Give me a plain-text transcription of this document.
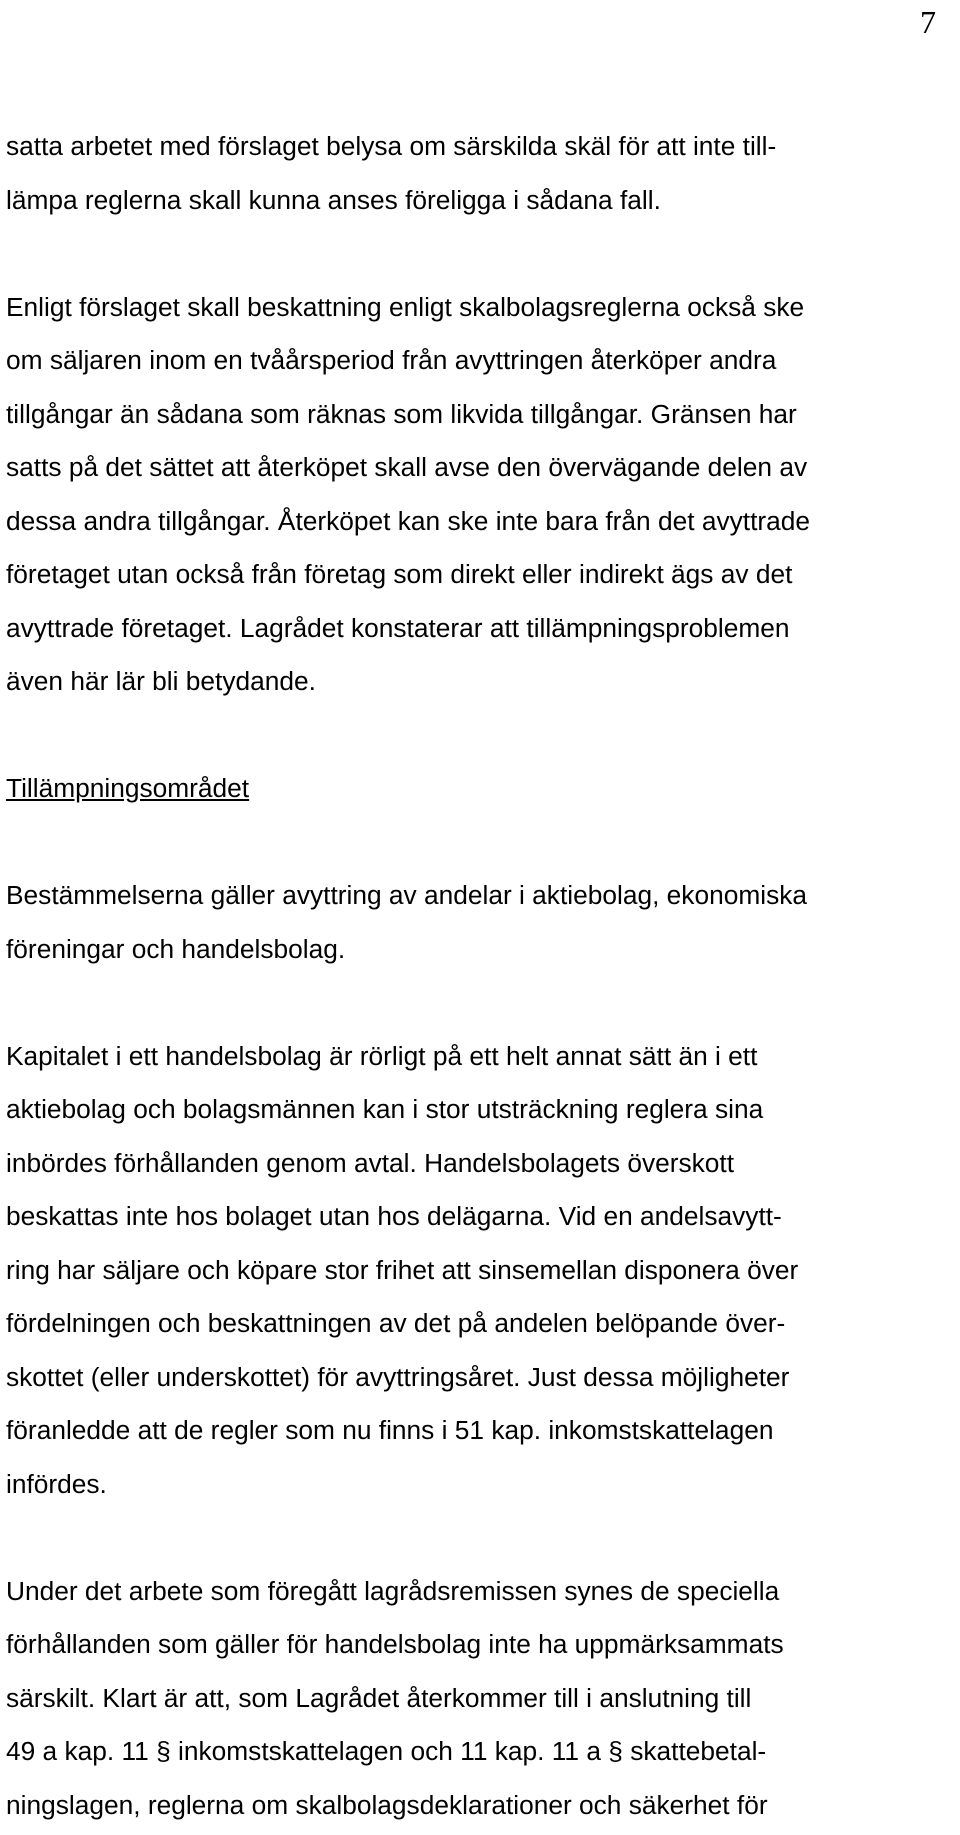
7
satta arbetet med förslaget belysa om särskilda skäl för att inte till-
lämpa reglerna skall kunna anses föreligga i sådana fall.
Enligt förslaget skall beskattning enligt skalbolagsreglerna också ske
om säljaren inom en tvåårsperiod från avyttringen återköper andra
tillgångar än sådana som räknas som likvida tillgångar. Gränsen har
satts på det sättet att återköpet skall avse den övervägande delen av
dessa andra tillgångar. Återköpet kan ske inte bara från det avyttrade
företaget utan också från företag som direkt eller indirekt ägs av det
avyttrade företaget. Lagrådet konstaterar att tillämpningsproblemen
även här lär bli betydande.
Tillämpningsområdet
Bestämmelserna gäller avyttring av andelar i aktiebolag, ekonomiska
föreningar och handelsbolag.
Kapitalet i ett handelsbolag är rörligt på ett helt annat sätt än i ett
aktiebolag och bolagsmännen kan i stor utsträckning reglera sina
inbördes förhållanden genom avtal. Handelsbolagets överskott
beskattas inte hos bolaget utan hos delägarna. Vid en andelsavytt-
ring har säljare och köpare stor frihet att sinsemellan disponera över
fördelningen och beskattningen av det på andelen belöpande över-
skottet (eller underskottet) för avyttringsåret. Just dessa möjligheter
föranledde att de regler som nu finns i 51 kap. inkomstskattelagen
infördes.
Under det arbete som föregått lagrådsremissen synes de speciella
förhållanden som gäller för handelsbolag inte ha uppmärksammats
särskilt. Klart är att, som Lagrådet återkommer till i anslutning till
49 a kap. 11 § inkomstskattelagen och 11 kap. 11 a § skattebetal-
ningslagen, reglerna om skalbolagsdeklarationer och säkerhet för
